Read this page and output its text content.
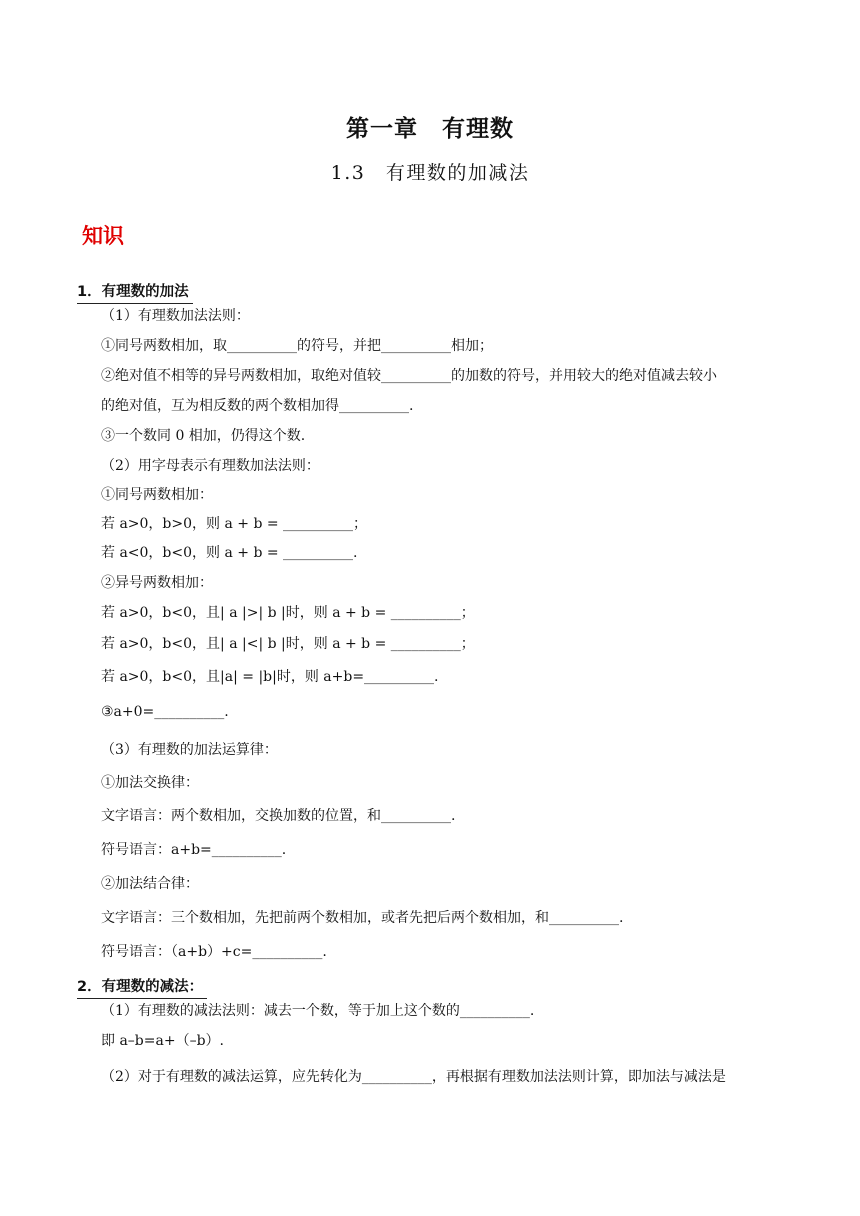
第一章　有理数
1.3　有理数的加减法
知识
1．有理数的加法
（1）有理数加法法则：
①同号两数相加，取__________的符号，并把__________相加；
②绝对值不相等的异号两数相加，取绝对值较__________的加数的符号，并用较大的绝对值减去较小
的绝对值，互为相反数的两个数相加得__________.
③一个数同 0 相加，仍得这个数.
（2）用字母表示有理数加法法则：
①同号两数相加：
若 a>0，b>0，则 a + b = __________；
若 a<0，b<0，则 a + b = __________.
②异号两数相加：
若 a>0，b<0，且| a |>| b |时，则 a + b = __________；
若 a>0，b<0，且| a |<| b |时，则 a + b = __________；
若 a>0，b<0，且|a| = |b|时，则 a+b=__________.
③a+0=__________.
（3）有理数的加法运算律：
①加法交换律：
文字语言：两个数相加，交换加数的位置，和__________.
符号语言：a+b=__________.
②加法结合律：
文字语言：三个数相加，先把前两个数相加，或者先把后两个数相加，和__________.
符号语言：（a+b）+c=__________.
2．有理数的减法：
（1）有理数的减法法则：减去一个数，等于加上这个数的__________.
即 a–b=a+（–b）.
（2）对于有理数的减法运算，应先转化为__________，再根据有理数加法法则计算，即加法与减法是
